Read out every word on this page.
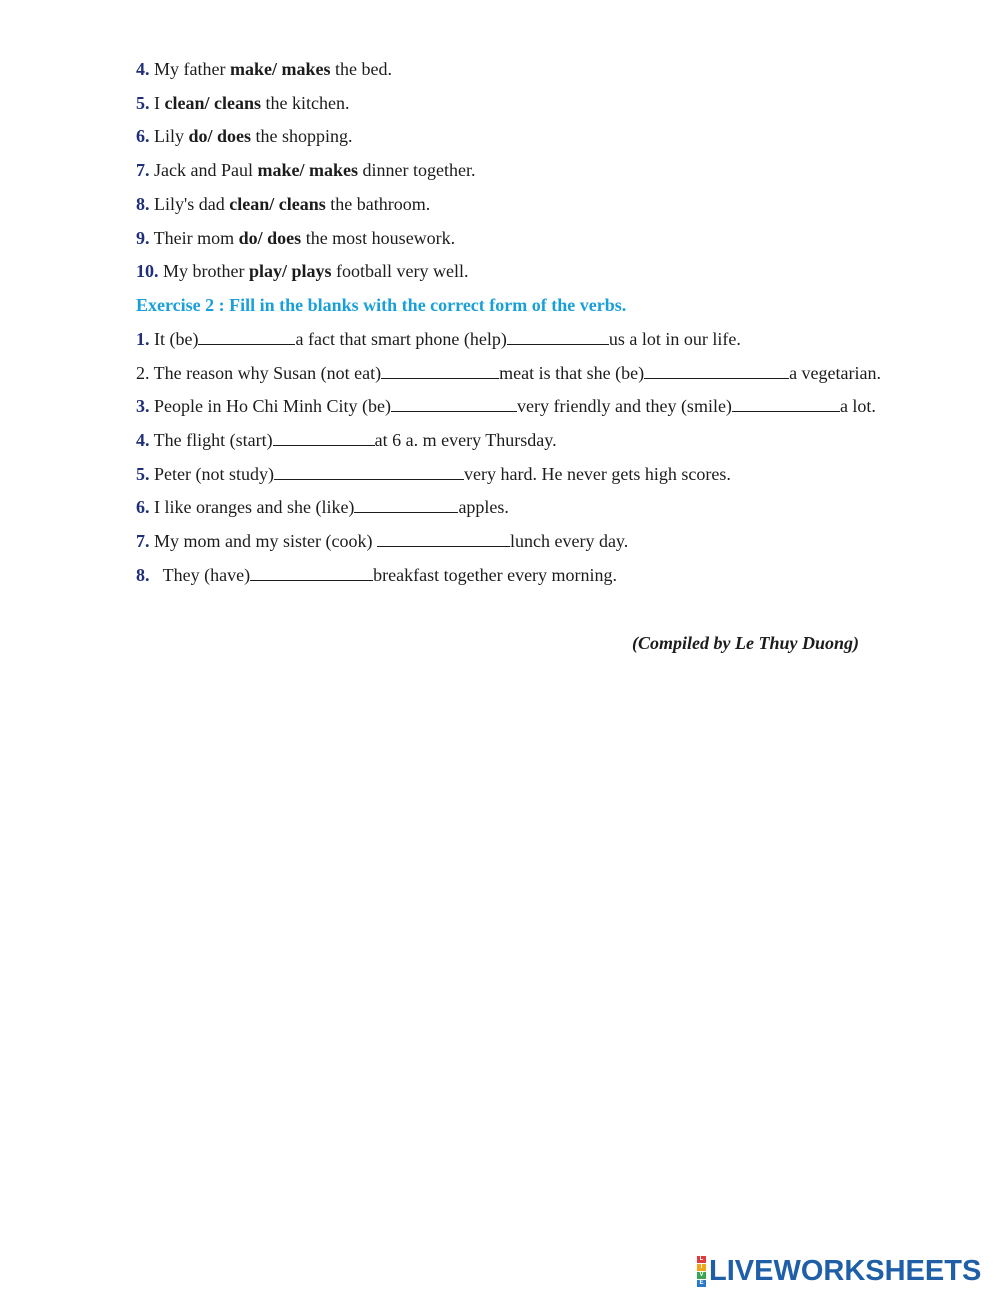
4. My father make/ makes the bed.
5. I clean/ cleans the kitchen.
6. Lily do/ does the shopping.
7. Jack and Paul make/ makes dinner together.
8. Lily's dad clean/ cleans the bathroom.
9. Their mom do/ does the most housework.
10. My brother play/ plays football very well.
Exercise 2 : Fill in the blanks with the correct form of the verbs.
1. It (be)	a fact that smart phone (help)	us a lot in our life.
2. The reason why Susan (not eat)	meat is that she (be)	a vegetarian.
3. People in Ho Chi Minh City (be)	very friendly and they (smile)	a lot.
4. The flight (start)	at 6 a. m every Thursday.
5. Peter (not study)	very hard. He never gets high scores.
6. I like oranges and she (like)	apples.
7. My mom and my sister (cook)	lunch every day.
8.   They (have)	breakfast together every morning.
(Compiled by Le Thuy Duong)
L
I
V
E LIVEWORKSHEETS
